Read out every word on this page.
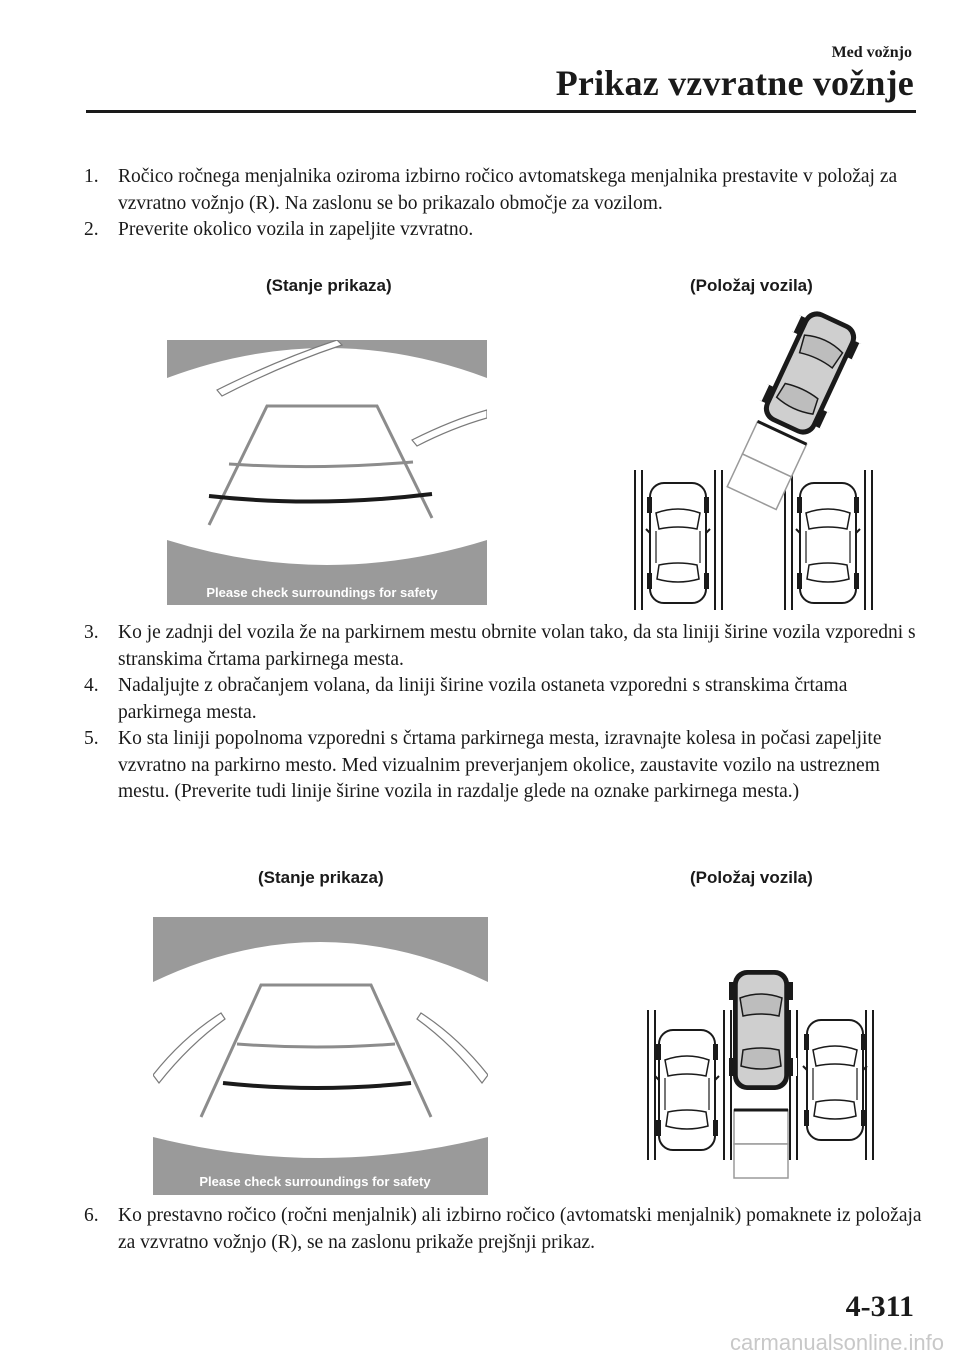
Med vožnjo
Prikaz vzvratne vožnje
1. Ročico ročnega menjalnika oziroma izbirno ročico avtomatskega menjalnika prestavite v položaj za vzvratno vožnjo (R). Na zaslonu se bo prikazalo območje za vozilom.
2. Preverite okolico vozila in zapeljite vzvratno.
(Stanje prikaza)	(Položaj vozila)
Please check surroundings for safety
3. Ko je zadnji del vozila že na parkirnem mestu obrnite volan tako, da sta liniji širine vozila vzporedni s stranskima črtama parkirnega mesta.
4. Nadaljujte z obračanjem volana, da liniji širine vozila ostaneta vzporedni s stranskima črtama parkirnega mesta.
5. Ko sta liniji popolnoma vzporedni s črtama parkirnega mesta, izravnajte kolesa in počasi zapeljite vzvratno na parkirno mesto. Med vizualnim preverjanjem okolice, zaustavite vozilo na ustreznem mestu. (Preverite tudi linije širine vozila in razdalje glede na oznake parkirnega mesta.)
(Stanje prikaza)	(Položaj vozila)
Please check surroundings for safety
6. Ko prestavno ročico (ročni menjalnik) ali izbirno ročico (avtomatski menjalnik) pomaknete iz položaja za vzvratno vožnjo (R), se na zaslonu prikaže prejšnji prikaz.
4-311
carmanualsonline.info
